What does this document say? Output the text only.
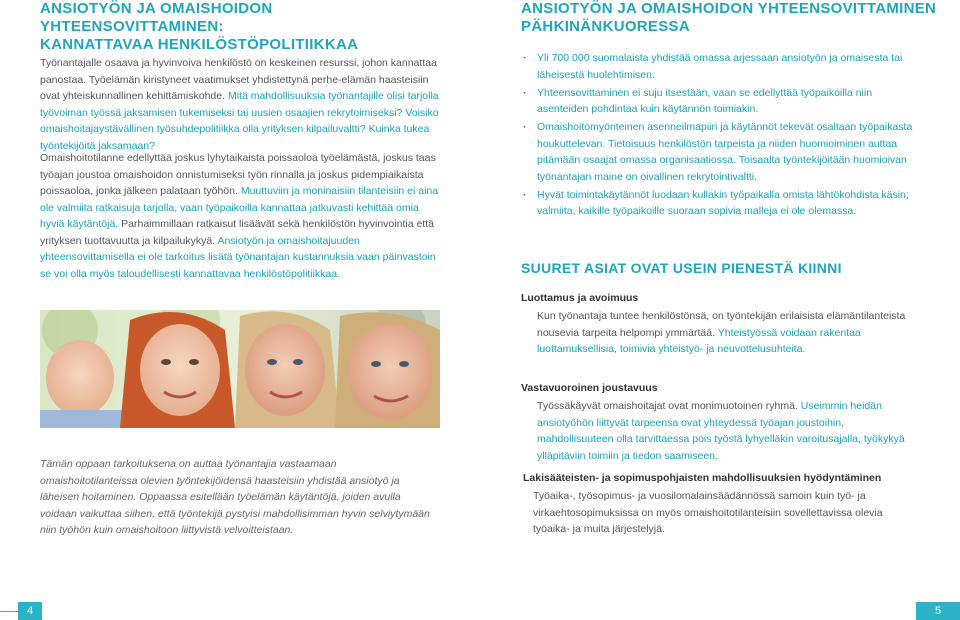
ANSIOTYÖN JA OMAISHOIDON YHTEENSOVITTAMINEN:
KANNATTAVAA HENKILÖSTÖPOLITIIKKAA

Työnantajalle osaava ja hyvinvoiva henkilöstö on keskeinen resurssi, johon kannattaa panostaa. Työelämän kiristyneet vaatimukset yhdistettynä perhe-elämän haasteisiin ovat yhteiskunnallinen kehittämiskohde. Mitä mahdollisuuksia työnantajille olisi tarjolla työvoiman työssä jaksamisen tukemiseksi tai uusien osaajien rekrytoimiseksi? Voisiko omaishoitajaystävällinen työsuhdepolitiikka olla yrityksen kilpailuvaltti? Kuinka tukea työntekijöitä jaksamaan?

Omaishoitotilanne edellyttää joskus lyhytaikaista poissaoloa työelämästä, joskus taas työajan joustoa omaishoidon onnistumiseksi työn rinnalla ja joskus pidempiaikaista poissaoloa, jonka jälkeen palataan työhön. Muuttuviin ja moninaisiin tilanteisiin ei aina ole valmiita ratkaisuja tarjolla, vaan työpaikoilla kannattaa jatkuvasti kehittää omia hyviä käytäntöjä. Parhaimmillaan ratkaisut lisäävät sekä henkilöstön hyvinvointia että yrityksen tuottavuutta ja kilpailukykyä. Ansiotyön ja omaishoitajuuden yhteensovittamisella ei ole tarkoitus lisätä työnantajan kustannuksia vaan päinvastoin se voi olla myös taloudellisesti kannattavaa henkilöstöpolitiikkaa.

Tämän oppaan tarkoituksena on auttaa työnantajia vastaamaan omaishoitotilanteissa olevien työntekijöidensä haasteisiin yhdistää ansiotyö ja läheisen hoitaminen. Oppaassa esitellään työelämän käytäntöjä, joiden avulla voidaan vaikuttaa siihen, että työntekijä pystyisi mahdollisimman hyvin selviytymään niin työhön kuin omaishoitoon liittyvistä velvoitteistaan.

ANSIOTYÖN JA OMAISHOIDON YHTEENSOVITTAMINEN
PÄHKINÄNKUORESSA
· Yli 700 000 suomalaista yhdistää omassa arjessaan ansiotyön ja omaisesta tai läheisestä huolehtimisen.
· Yhteensovittaminen ei suju itsestään, vaan se edellyttää työpaikoilla niin asenteiden pohdintaa kuin käytännön toimiakin.
· Omaishoitomyönteinen asenneilmapiiri ja käytännöt tekevät osaltaan työpaikasta houkuttelevan. Tietoisuus henkilöstön tarpeista ja niiden huomioiminen auttaa pitämään osaajat omassa organisaatiossa. Toisaalta työntekijöitään huomioivan työnantajan maine on oivallinen rekrytointivaltti.
· Hyvät toimintakäytännöt luodaan kullakin työpaikalla omista lähtökohdista käsin; valmiita, kaikille työpaikoille suoraan sopivia malleja ei ole olemassa.
SUURET ASIAT OVAT USEIN PIENESTÄ KIINNI

Luottamus ja avoimuus

Kun työnantaja tuntee henkilöstönsä, on työntekijän erilaisista elämäntilanteista nousevia tarpeita helpompi ymmärtää. Yhteistyössä voidaan rakentaa luottamuksellisia, toimivia yhteistyö- ja neuvottelusuhteita.

Vastavuoroinen joustavuus

Työssäkäyvät omaishoitajat ovat monimuotoinen ryhmä. Useimmin heidän ansiotyöhön liittyvät tarpeensa ovat yhteydessä työajan joustoihin, mahdollisuuteen olla tarvittaessa pois työstä lyhyelläkin varoitusajalla, työkykyä ylläpitäviin toimiin ja tiedon saamiseen.

Lakisääteisten- ja sopimuspohjaisten mahdollisuuksien hyödyntäminen

Työaika-, työsopimus- ja vuosilomalainsäädännössä samoin kuin työ- ja virkaehtosopimuksissa on myös omaishoitotilanteisiin sovellettavissa olevia työaika- ja muita järjestelyjä.

4	5
